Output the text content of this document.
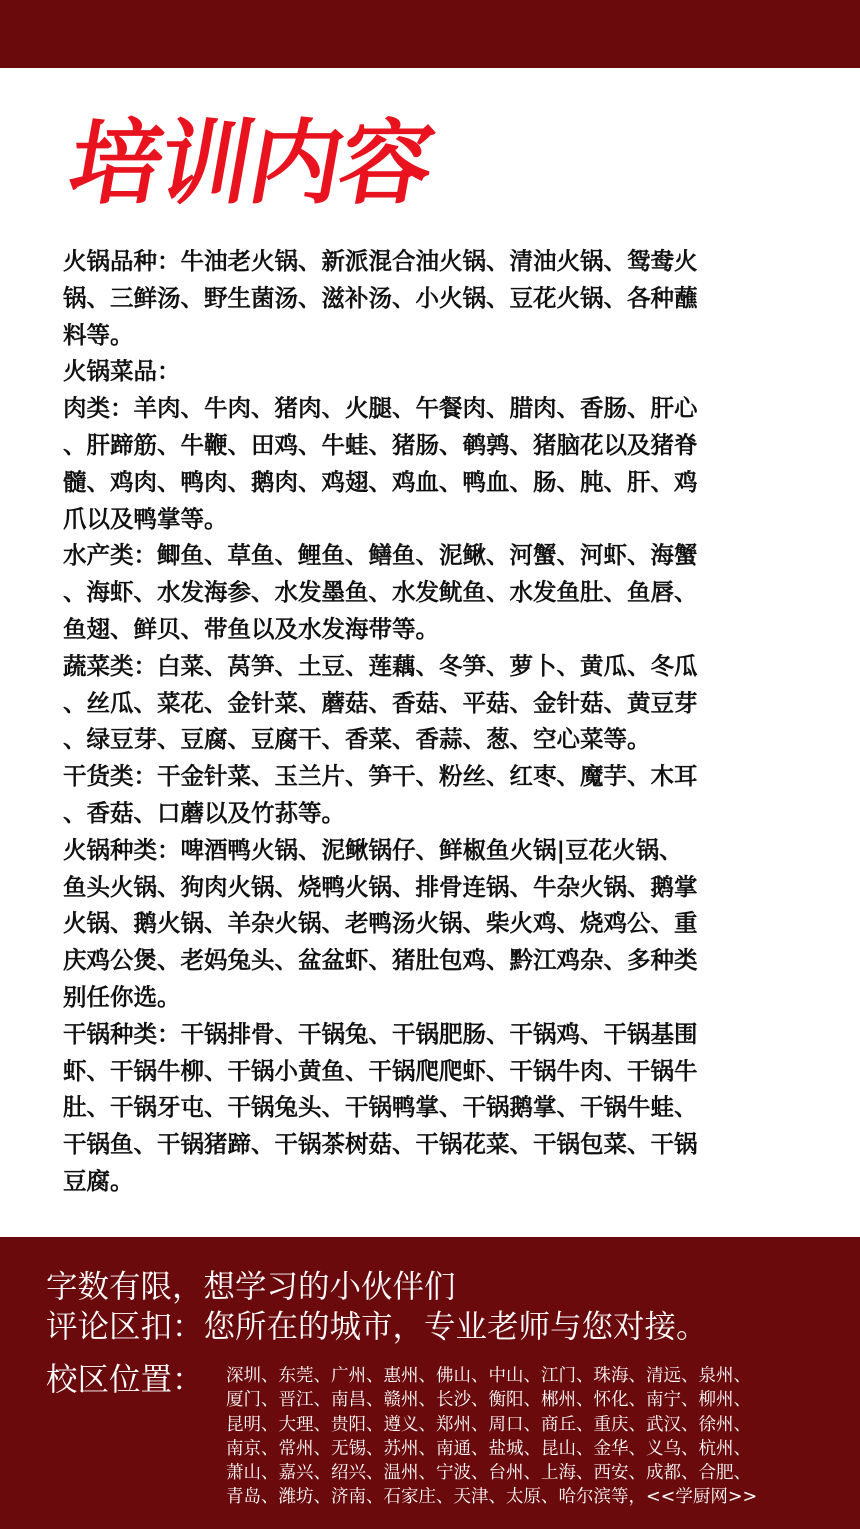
培训内容

火锅品种：牛油老火锅、新派混合油火锅、清油火锅、鸳鸯火

锅、三鲜汤、野生菌汤、滋补汤、小火锅、豆花火锅、各种蘸

料等。

火锅菜品：

肉类：羊肉、牛肉、猪肉、火腿、午餐肉、腊肉、香肠、肝心

、肝蹄筋、牛鞭、田鸡、牛蛙、猪肠、鹌鹑、猪脑花以及猪脊

髓、鸡肉、鸭肉、鹅肉、鸡翅、鸡血、鸭血、肠、肫、肝、鸡

爪以及鸭掌等。

水产类：鲫鱼、草鱼、鲤鱼、鳝鱼、泥鳅、河蟹、河虾、海蟹

、海虾、水发海参、水发墨鱼、水发鱿鱼、水发鱼肚、鱼唇、

鱼翅、鲜贝、带鱼以及水发海带等。

蔬菜类：白菜、莴笋、土豆、莲藕、冬笋、萝卜、黄瓜、冬瓜

、丝瓜、菜花、金针菜、蘑菇、香菇、平菇、金针菇、黄豆芽

、绿豆芽、豆腐、豆腐干、香菜、香蒜、葱、空心菜等。

干货类：干金针菜、玉兰片、笋干、粉丝、红枣、魔芋、木耳

、香菇、口蘑以及竹荪等。

火锅种类：啤酒鸭火锅、泥鳅锅仔、鲜椒鱼火锅|豆花火锅、

鱼头火锅、狗肉火锅、烧鸭火锅、排骨连锅、牛杂火锅、鹅掌

火锅、鹅火锅、羊杂火锅、老鸭汤火锅、柴火鸡、烧鸡公、重

庆鸡公煲、老妈兔头、盆盆虾、猪肚包鸡、黔江鸡杂、多种类

别任你选。

干锅种类：干锅排骨、干锅兔、干锅肥肠、干锅鸡、干锅基围

虾、干锅牛柳、干锅小黄鱼、干锅爬爬虾、干锅牛肉、干锅牛

肚、干锅牙屯、干锅兔头、干锅鸭掌、干锅鹅掌、干锅牛蛙、

干锅鱼、干锅猪蹄、干锅茶树菇、干锅花菜、干锅包菜、干锅

豆腐。

字数有限，想学习的小伙伴们
评论区扣：您所在的城市，专业老师与您对接。
校区位置： 深圳、东莞、广州、惠州、佛山、中山、江门、珠海、清远、泉州、
厦门、晋江、南昌、赣州、长沙、衡阳、郴州、怀化、南宁、柳州、
昆明、大理、贵阳、遵义、郑州、周口、商丘、重庆、武汉、徐州、
南京、常州、无锡、苏州、南通、盐城、昆山、金华、义乌、杭州、
萧山、嘉兴、绍兴、温州、宁波、台州、上海、西安、成都、合肥、
青岛、潍坊、济南、石家庄、天津、太原、哈尔滨等，<<学厨网>>
